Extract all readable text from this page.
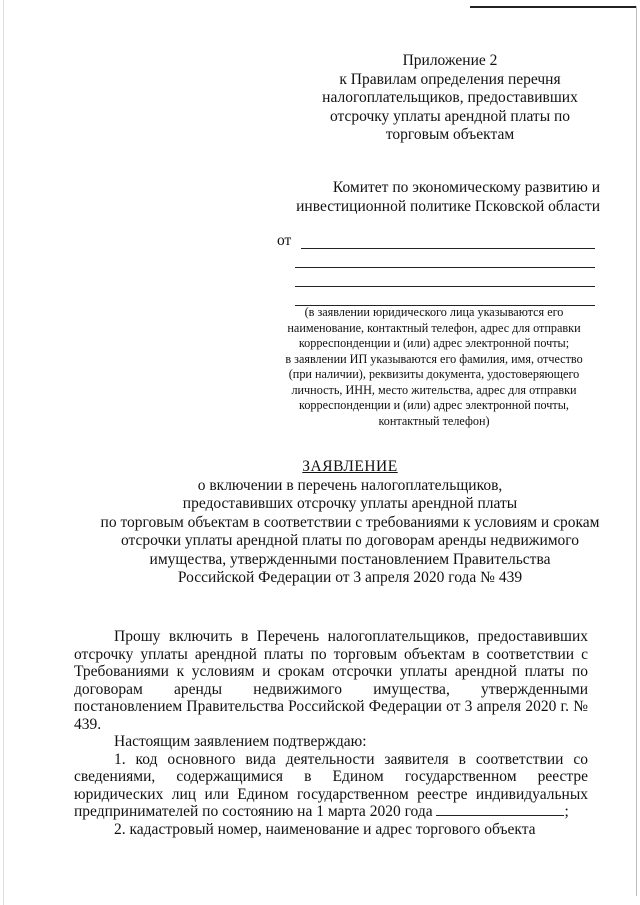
Приложение 2
к Правилам определения перечня
налогоплательщиков, предоставивших
отсрочку уплаты арендной платы по
торговым объектам
Комитет по экономическому развитию и
инвестиционной политике Псковской области
от
(в заявлении юридического лица указываются его
наименование, контактный телефон, адрес для отправки
корреспонденции и (или) адрес электронной почты;
в заявлении ИП указываются его фамилия, имя, отчество
(при наличии), реквизиты документа, удостоверяющего
личность, ИНН, место жительства, адрес для отправки
корреспонденции и (или) адрес электронной почты,
контактный телефон)
ЗАЯВЛЕНИЕ
о включении в перечень налогоплательщиков,
предоставивших отсрочку уплаты арендной платы
по торговым объектам в соответствии с требованиями к условиям и срокам
отсрочки уплаты арендной платы по договорам аренды недвижимого
имущества, утвержденными постановлением Правительства
Российской Федерации от 3 апреля 2020 года № 439

Прошу включить в Перечень налогоплательщиков, предоставивших отсрочку уплаты арендной платы по торговым объектам в соответствии с Требованиями к условиям и срокам отсрочки уплаты арендной платы по договорам аренды недвижимого имущества, утвержденными постановлением Правительства Российской Федерации от 3 апреля 2020 г. № 439.

Настоящим заявлением подтверждаю:

1. код основного вида деятельности заявителя в соответствии со сведениями, содержащимися в Едином государственном реестре юридических лиц или Едином государственном реестре индивидуальных предпринимателей по состоянию на 1 марта 2020 года	;

2. кадастровый номер, наименование и адрес торгового объекта
